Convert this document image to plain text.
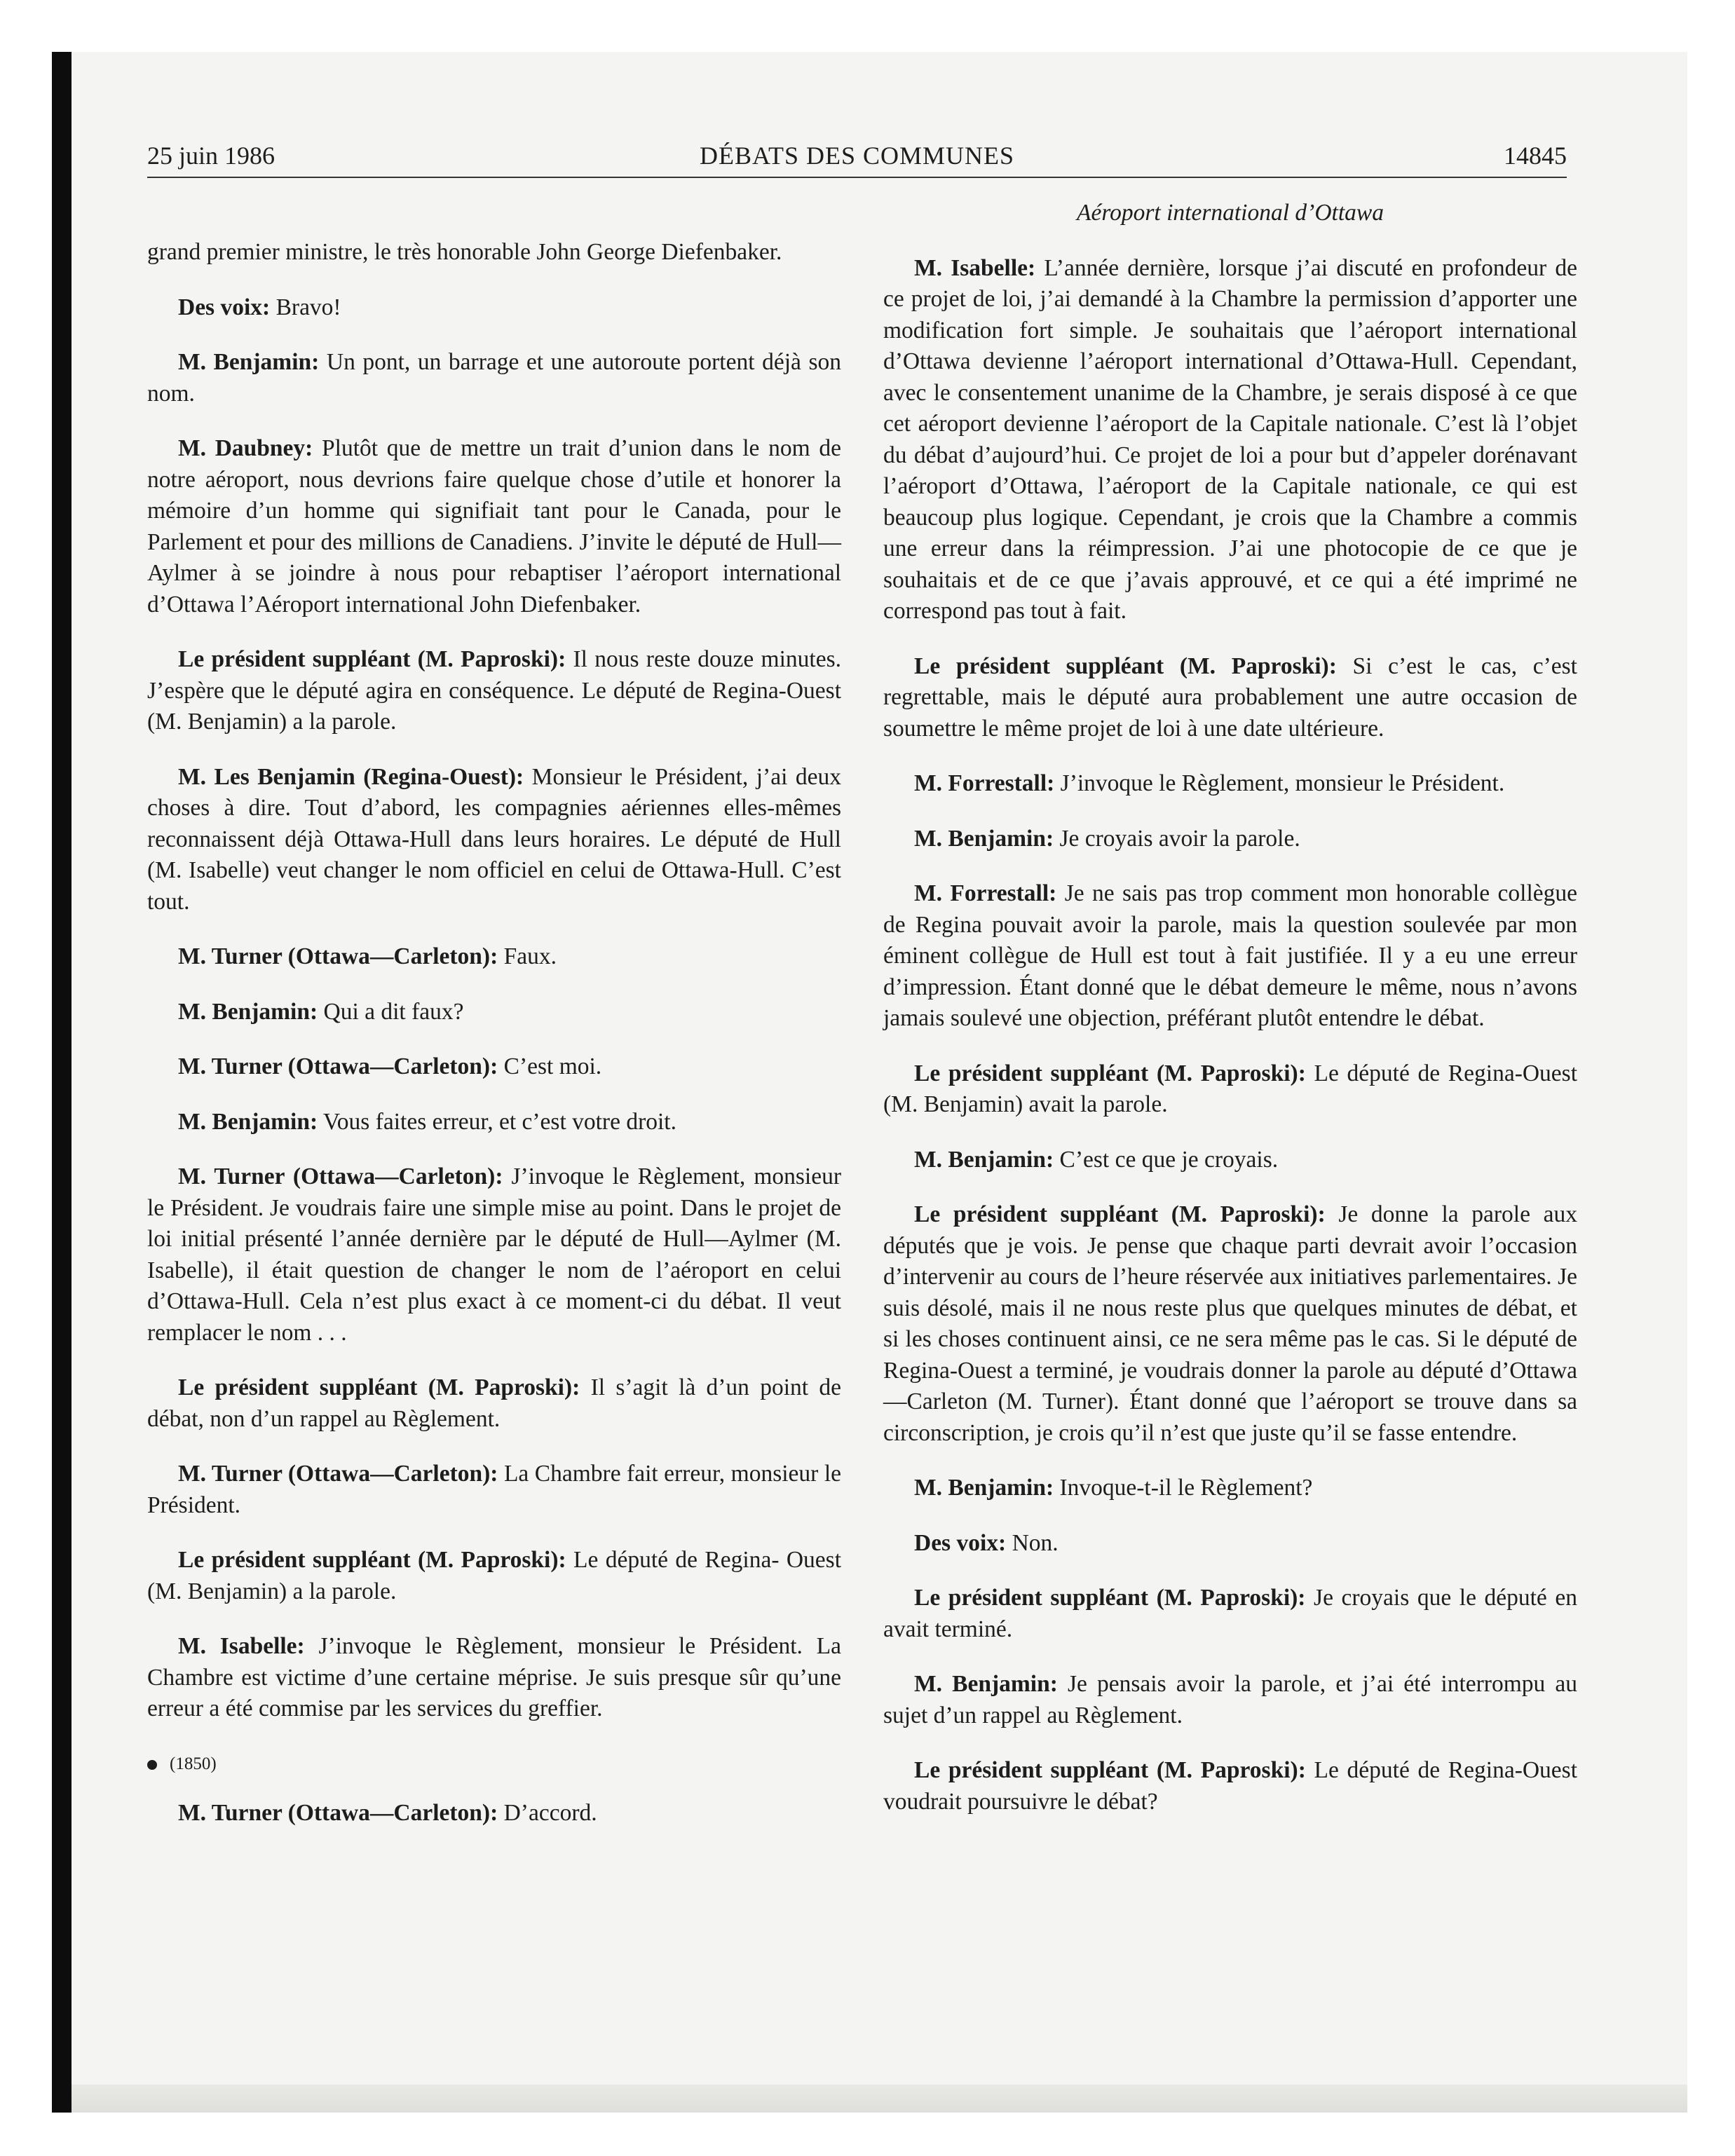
25 juin 1986	DÉBATS DES COMMUNES	14845

grand premier ministre, le très honorable John George Diefenbaker.

Des voix: Bravo!

M. Benjamin: Un pont, un barrage et une autoroute portent déjà son nom.

M. Daubney: Plutôt que de mettre un trait d’union dans le nom de notre aéroport, nous devrions faire quelque chose d’utile et honorer la mémoire d’un homme qui signifiait tant pour le Canada, pour le Parlement et pour des millions de Canadiens. J’invite le député de Hull—Aylmer à se joindre à nous pour rebaptiser l’aéroport international d’Ottawa l’Aéroport international John Diefenbaker.

Le président suppléant (M. Paproski): Il nous reste douze minutes. J’espère que le député agira en conséquence. Le député de Regina-Ouest (M. Benjamin) a la parole.

M. Les Benjamin (Regina-Ouest): Monsieur le Président, j’ai deux choses à dire. Tout d’abord, les compagnies aériennes elles-mêmes reconnaissent déjà Ottawa-Hull dans leurs horaires. Le député de Hull (M. Isabelle) veut changer le nom officiel en celui de Ottawa-Hull. C’est tout.

M. Turner (Ottawa—Carleton): Faux.

M. Benjamin: Qui a dit faux?

M. Turner (Ottawa—Carleton): C’est moi.

M. Benjamin: Vous faites erreur, et c’est votre droit.

M. Turner (Ottawa—Carleton): J’invoque le Règlement, monsieur le Président. Je voudrais faire une simple mise au point. Dans le projet de loi initial présenté l’année dernière par le député de Hull—Aylmer (M. Isabelle), il était question de changer le nom de l’aéroport en celui d’Ottawa-Hull. Cela n’est plus exact à ce moment-ci du débat. Il veut remplacer le nom . . .

Le président suppléant (M. Paproski): Il s’agit là d’un point de débat, non d’un rappel au Règlement.

M. Turner (Ottawa—Carleton): La Chambre fait erreur, monsieur le Président.

Le président suppléant (M. Paproski): Le député de Regina- Ouest (M. Benjamin) a la parole.

M. Isabelle: J’invoque le Règlement, monsieur le Président. La Chambre est victime d’une certaine méprise. Je suis presque sûr qu’une erreur a été commise par les services du greffier.

(1850)

M. Turner (Ottawa—Carleton): D’accord.

Aéroport international d’Ottawa

M. Isabelle: L’année dernière, lorsque j’ai discuté en profondeur de ce projet de loi, j’ai demandé à la Chambre la permission d’apporter une modification fort simple. Je souhaitais que l’aéroport international d’Ottawa devienne l’aéroport international d’Ottawa-Hull. Cependant, avec le consentement unanime de la Chambre, je serais disposé à ce que cet aéroport devienne l’aéroport de la Capitale nationale. C’est là l’objet du débat d’aujourd’hui. Ce projet de loi a pour but d’appeler dorénavant l’aéroport d’Ottawa, l’aéroport de la Capitale nationale, ce qui est beaucoup plus logique. Cependant, je crois que la Chambre a commis une erreur dans la réimpression. J’ai une photocopie de ce que je souhaitais et de ce que j’avais approuvé, et ce qui a été imprimé ne correspond pas tout à fait.

Le président suppléant (M. Paproski): Si c’est le cas, c’est regrettable, mais le député aura probablement une autre occasion de soumettre le même projet de loi à une date ultérieure.

M. Forrestall: J’invoque le Règlement, monsieur le Président.

M. Benjamin: Je croyais avoir la parole.

M. Forrestall: Je ne sais pas trop comment mon honorable collègue de Regina pouvait avoir la parole, mais la question soulevée par mon éminent collègue de Hull est tout à fait justifiée. Il y a eu une erreur d’impression. Étant donné que le débat demeure le même, nous n’avons jamais soulevé une objection, préférant plutôt entendre le débat.

Le président suppléant (M. Paproski): Le député de Regina-Ouest (M. Benjamin) avait la parole.

M. Benjamin: C’est ce que je croyais.

Le président suppléant (M. Paproski): Je donne la parole aux députés que je vois. Je pense que chaque parti devrait avoir l’occasion d’intervenir au cours de l’heure réservée aux initiatives parlementaires. Je suis désolé, mais il ne nous reste plus que quelques minutes de débat, et si les choses continuent ainsi, ce ne sera même pas le cas. Si le député de Regina-Ouest a terminé, je voudrais donner la parole au député d’Ottawa—Carleton (M. Turner). Étant donné que l’aéroport se trouve dans sa circonscription, je crois qu’il n’est que juste qu’il se fasse entendre.

M. Benjamin: Invoque-t-il le Règlement?

Des voix: Non.

Le président suppléant (M. Paproski): Je croyais que le député en avait terminé.

M. Benjamin: Je pensais avoir la parole, et j’ai été interrompu au sujet d’un rappel au Règlement.

Le président suppléant (M. Paproski): Le député de Regina-Ouest voudrait poursuivre le débat?
